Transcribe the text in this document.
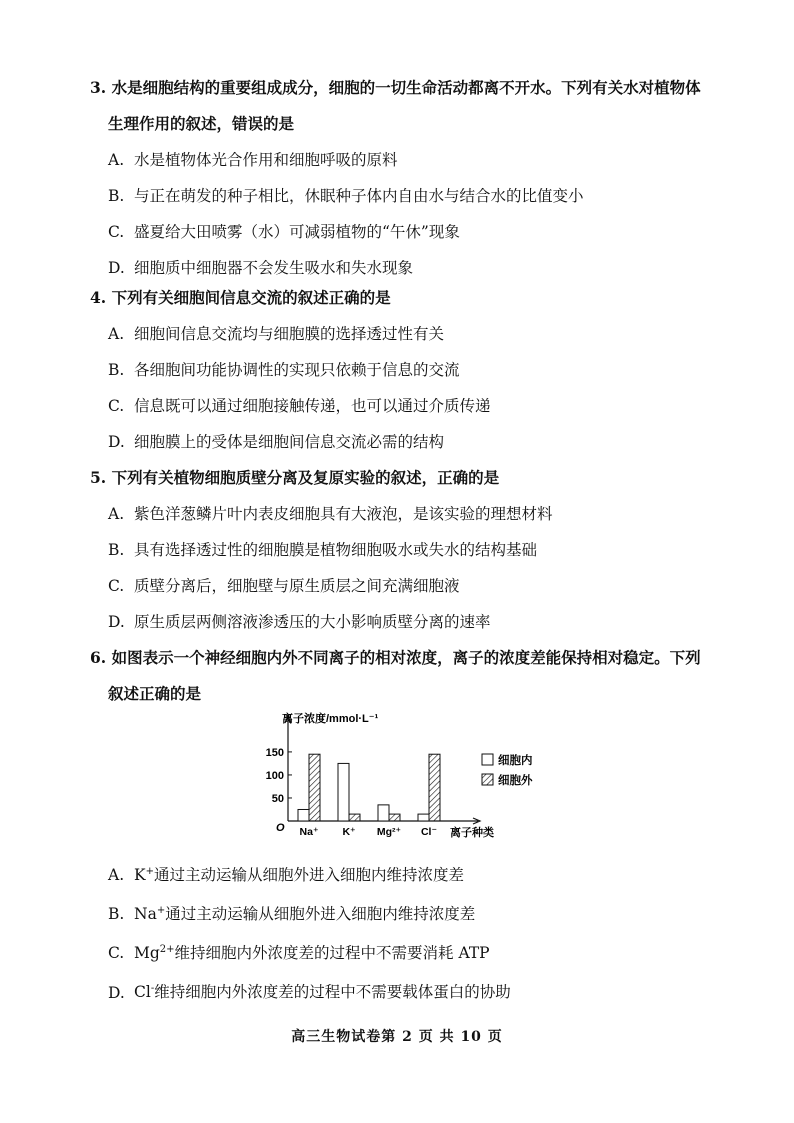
3. 水是细胞结构的重要组成成分，细胞的一切生命活动都离不开水。下列有关水对植物体
生理作用的叙述，错误的是
A. 水是植物体光合作用和细胞呼吸的原料
B. 与正在萌发的种子相比，休眠种子体内自由水与结合水的比值变小
C. 盛夏给大田喷雾（水）可减弱植物的“午休”现象
D. 细胞质中细胞器不会发生吸水和失水现象
4. 下列有关细胞间信息交流的叙述正确的是
A. 细胞间信息交流均与细胞膜的选择透过性有关
B. 各细胞间功能协调性的实现只依赖于信息的交流
C. 信息既可以通过细胞接触传递，也可以通过介质传递
D. 细胞膜上的受体是细胞间信息交流必需的结构
5. 下列有关植物细胞质壁分离及复原实验的叙述，正确的是
A. 紫色洋葱鳞片叶内表皮细胞具有大液泡，是该实验的理想材料
B. 具有选择透过性的细胞膜是植物细胞吸水或失水的结构基础
C. 质壁分离后，细胞壁与原生质层之间充满细胞液
D. 原生质层两侧溶液渗透压的大小影响质壁分离的速率
6. 如图表示一个神经细胞内外不同离子的相对浓度，离子的浓度差能保持相对稳定。下列
叙述正确的是
离子浓度/mmol·L⁻¹
O
50
100
150
Na⁺ K⁺ Mg²⁺ Cl⁻ 离子种类
细胞内
细胞外
A. K+通过主动运输从细胞外进入细胞内维持浓度差
B. Na+通过主动运输从细胞外进入细胞内维持浓度差
C. $Mg^{2+}$维持细胞内外浓度差的过程中不需要消耗 ATP
D. Cl-维持细胞内外浓度差的过程中不需要载体蛋白的协助
高三生物试卷第 2 页 共 10 页
